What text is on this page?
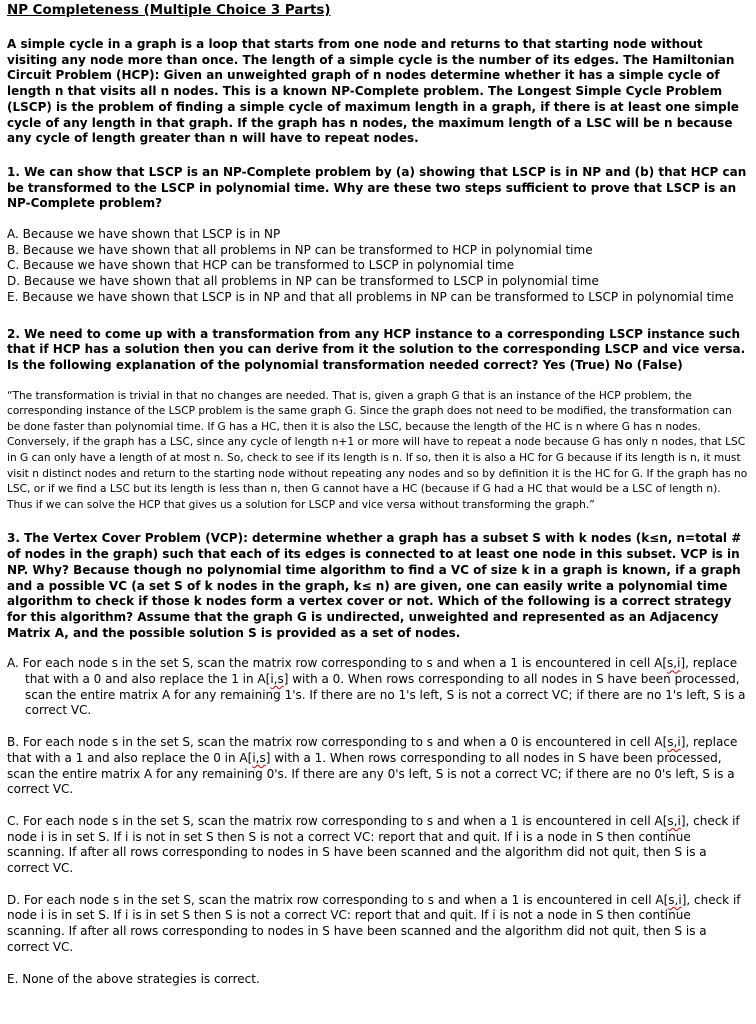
NP Completeness (Multiple Choice 3 Parts)

A simple cycle in a graph is a loop that starts from one node and returns to that starting node without visiting any node more than once. The length of a simple cycle is the number of its edges. The Hamiltonian Circuit Problem (HCP): Given an unweighted graph of n nodes determine whether it has a simple cycle of length n that visits all n nodes. This is a known NP-Complete problem. The Longest Simple Cycle Problem (LSCP) is the problem of finding a simple cycle of maximum length in a graph, if there is at least one simple cycle of any length in that graph. If the graph has n nodes, the maximum length of a LSC will be n because any cycle of length greater than n will have to repeat nodes.

1. We can show that LSCP is an NP-Complete problem by (a) showing that LSCP is in NP and (b) that HCP can be transformed to the LSCP in polynomial time. Why are these two steps sufficient to prove that LSCP is an NP-Complete problem?

A. Because we have shown that LSCP is in NP
B. Because we have shown that all problems in NP can be transformed to HCP in polynomial time
C. Because we have shown that HCP can be transformed to LSCP in polynomial time
D. Because we have shown that all problems in NP can be transformed to LSCP in polynomial time
E. Because we have shown that LSCP is in NP and that all problems in NP can be transformed to LSCP in polynomial time

2. We need to come up with a transformation from any HCP instance to a corresponding LSCP instance such that if HCP has a solution then you can derive from it the solution to the corresponding LSCP and vice versa. Is the following explanation of the polynomial transformation needed correct? Yes (True) No (False)

“The transformation is trivial in that no changes are needed. That is, given a graph G that is an instance of the HCP problem, the corresponding instance of the LSCP problem is the same graph G. Since the graph does not need to be modified, the transformation can be done faster than polynomial time. If G has a HC, then it is also the LSC, because the length of the HC is n where G has n nodes. Conversely, if the graph has a LSC, since any cycle of length n+1 or more will have to repeat a node because G has only n nodes, that LSC in G can only have a length of at most n. So, check to see if its length is n. If so, then it is also a HC for G because if its length is n, it must visit n distinct nodes and return to the starting node without repeating any nodes and so by definition it is the HC for G. If the graph has no LSC, or if we find a LSC but its length is less than n, then G cannot have a HC (because if G had a HC that would be a LSC of length n). Thus if we can solve the HCP that gives us a solution for LSCP and vice versa without transforming the graph.”

3. The Vertex Cover Problem (VCP): determine whether a graph has a subset S with k nodes (k≤n, n=total # of nodes in the graph) such that each of its edges is connected to at least one node in this subset. VCP is in NP. Why? Because though no polynomial time algorithm to find a VC of size k in a graph is known, if a graph and a possible VC (a set S of k nodes in the graph, k≤ n) are given, one can easily write a polynomial time algorithm to check if those k nodes form a vertex cover or not. Which of the following is a correct strategy for this algorithm? Assume that the graph G is undirected, unweighted and represented as an Adjacency Matrix A, and the possible solution S is provided as a set of nodes.

A. For each node s in the set S, scan the matrix row corresponding to s and when a 1 is encountered in cell A[s,i], replace that with a 0 and also replace the 1 in A[i,s] with a 0. When rows corresponding to all nodes in S have been processed, scan the entire matrix A for any remaining 1's. If there are no 1's left, S is not a correct VC; if there are no 1's left, S is a correct VC.

B. For each node s in the set S, scan the matrix row corresponding to s and when a 0 is encountered in cell A[s,i], replace that with a 1 and also replace the 0 in A[i,s] with a 1. When rows corresponding to all nodes in S have been processed, scan the entire matrix A for any remaining 0's. If there are any 0's left, S is not a correct VC; if there are no 0's left, S is a correct VC.

C. For each node s in the set S, scan the matrix row corresponding to s and when a 1 is encountered in cell A[s,i], check if node i is in set S. If i is not in set S then S is not a correct VC: report that and quit. If i is a node in S then continue scanning. If after all rows corresponding to nodes in S have been scanned and the algorithm did not quit, then S is a correct VC.

D. For each node s in the set S, scan the matrix row corresponding to s and when a 1 is encountered in cell A[s,i], check if node i is in set S. If i is in set S then S is not a correct VC: report that and quit. If i is not a node in S then continue scanning. If after all rows corresponding to nodes in S have been scanned and the algorithm did not quit, then S is a correct VC.

E. None of the above strategies is correct.
